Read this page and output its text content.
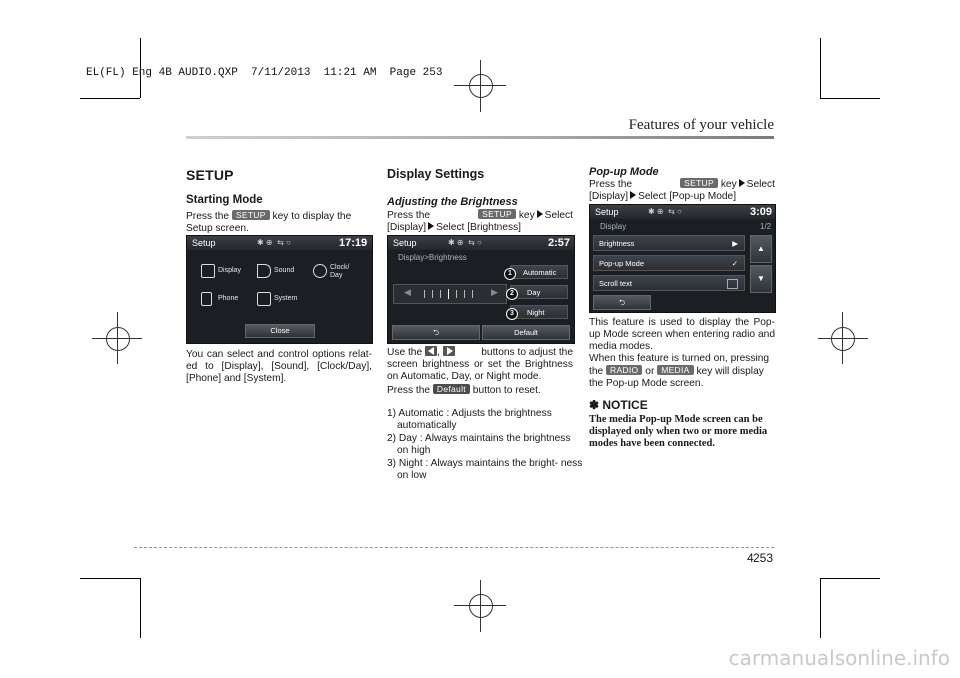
EL(FL) Eng 4B AUDIO.QXP  7/11/2013  11:21 AM  Page 253
Features of your vehicle
SETUP
Starting Mode
Press the SETUP key to display the
Setup screen.
Setup	✱ ⊕  ⇆ ○	17:19
Display	Sound	Clock/ Day
Phone	System
Close
You can select and control options relat- ed to [Display], [Sound], [Clock/Day], [Phone] and [System].
Display Settings
Adjusting the Brightness
Press the	SETUP key Select
[Display] Select [Brightness]
Setup	✱ ⊕  ⇆ ○	2:57
Display>Brightness
◀	▶
Automatic
Day
Night
1
2
3
⮌	Default
Use the ,	buttons to adjust the
screen brightness or set the Brightness on Automatic, Day, or Night mode.
Press the Default button to reset.
1) Automatic : Adjusts the brightness automatically
2) Day : Always maintains the brightness on high
3) Night : Always maintains the bright- ness on low
Pop-up Mode
Press the	SETUP key Select
[Display] Select [Pop-up Mode]
Setup	✱ ⊕  ⇆ ○	3:09
Display	1/2
Brightness	▶
Pop-up Mode	✓
Scroll text
▲
▼
⮌
This feature is used to display the Pop-up Mode screen when entering radio and media modes.
When this feature is turned on, pressing the RADIO or MEDIA key will display the Pop-up Mode screen.
✽ NOTICE
The media Pop-up Mode screen can be displayed only when two or more media modes have been connected.
4 253
carmanualsonline.info
